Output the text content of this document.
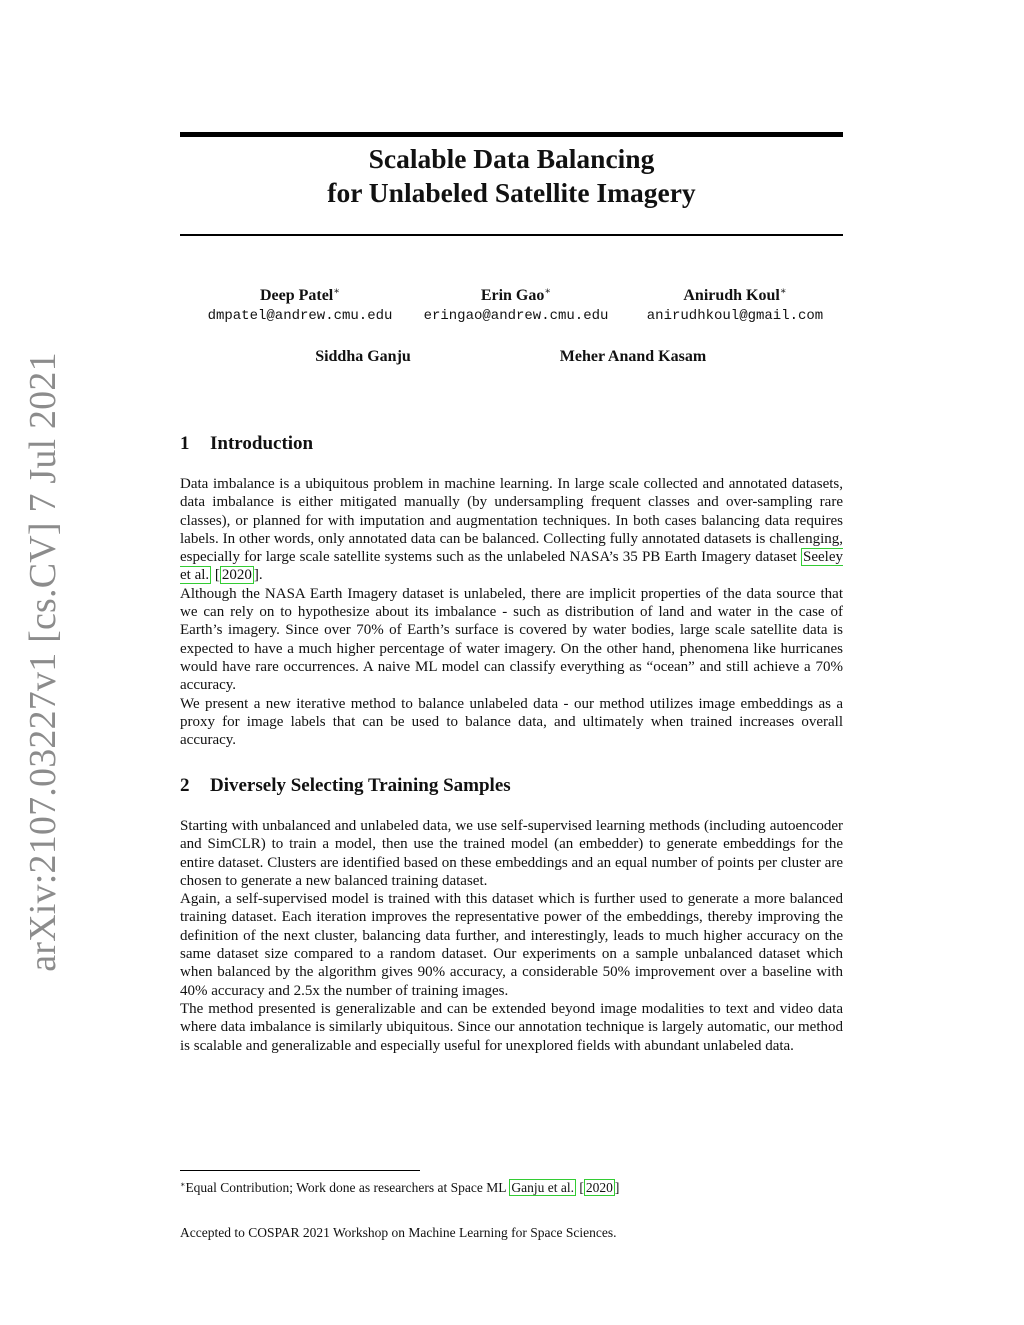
arXiv:2107.03227v1 [cs.CV] 7 Jul 2021
Scalable Data Balancing
for Unlabeled Satellite Imagery
Deep Patel∗
dmpatel@andrew.cmu.edu
Erin Gao∗
eringao@andrew.cmu.edu
Anirudh Koul∗
anirudhkoul@gmail.com
Siddha Ganju	Meher Anand Kasam
1 Introduction

Data imbalance is a ubiquitous problem in machine learning. In large scale collected and annotated datasets, data imbalance is either mitigated manually (by undersampling frequent classes and over-sampling rare classes), or planned for with imputation and augmentation techniques. In both cases balancing data requires labels. In other words, only annotated data can be balanced. Collecting fully annotated datasets is challenging, especially for large scale satellite systems such as the unlabeled NASA’s 35 PB Earth Imagery dataset Seeley et al. [ 2020 ].

Although the NASA Earth Imagery dataset is unlabeled, there are implicit properties of the data source that we can rely on to hypothesize about its imbalance - such as distribution of land and water in the case of Earth’s imagery. Since over 70% of Earth’s surface is covered by water bodies, large scale satellite data is expected to have a much higher percentage of water imagery. On the other hand, phenomena like hurricanes would have rare occurrences. A naive ML model can classify everything as “ocean” and still achieve a 70% accuracy.

We present a new iterative method to balance unlabeled data - our method utilizes image embeddings as a proxy for image labels that can be used to balance data, and ultimately when trained increases overall accuracy.

2 Diversely Selecting Training Samples

Starting with unbalanced and unlabeled data, we use self-supervised learning methods (including autoencoder and SimCLR) to train a model, then use the trained model (an embedder) to generate embeddings for the entire dataset. Clusters are identified based on these embeddings and an equal number of points per cluster are chosen to generate a new balanced training dataset.

Again, a self-supervised model is trained with this dataset which is further used to generate a more balanced training dataset. Each iteration improves the representative power of the embeddings, thereby improving the definition of the next cluster, balancing data further, and interestingly, leads to much higher accuracy on the same dataset size compared to a random dataset. Our experiments on a sample unbalanced dataset which when balanced by the algorithm gives 90% accuracy, a considerable 50% improvement over a baseline with 40% accuracy and 2.5x the number of training images.

The method presented is generalizable and can be extended beyond image modalities to text and video data where data imbalance is similarly ubiquitous. Since our annotation technique is largely automatic, our method is scalable and generalizable and especially useful for unexplored fields with abundant unlabeled data.

∗Equal Contribution; Work done as researchers at Space ML Ganju et al. [ 2020 ]
Accepted to COSPAR 2021 Workshop on Machine Learning for Space Sciences.
